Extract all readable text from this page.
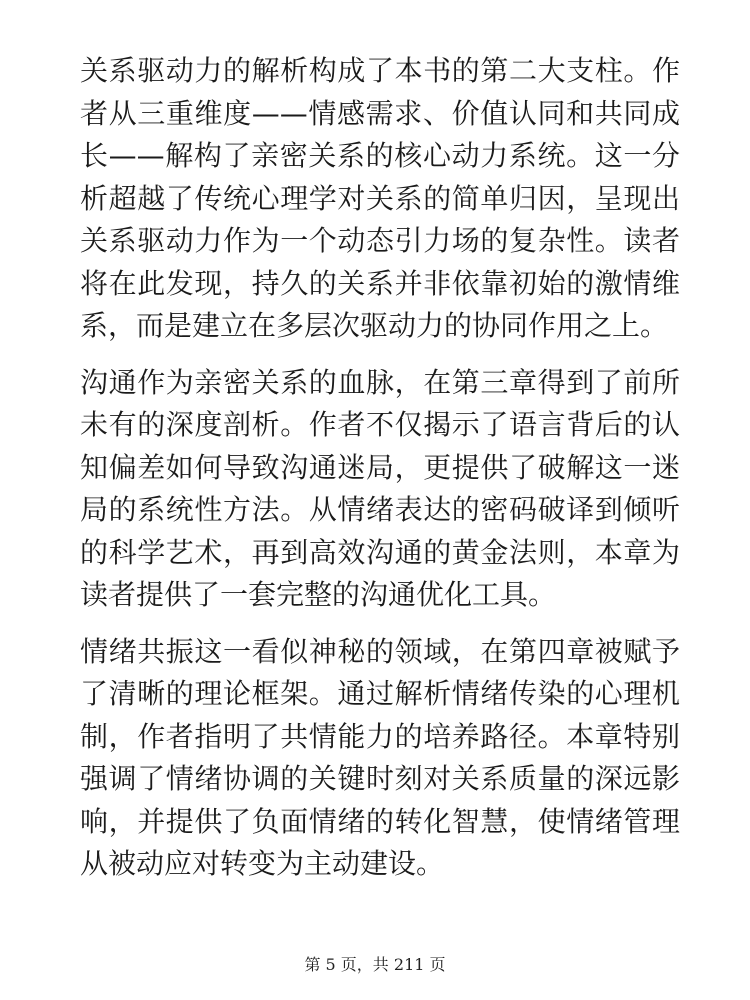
关系驱动力的解析构成了本书的第二大支柱。作者从三重维度——情感需求、价值认同和共同成长——解构了亲密关系的核心动力系统。这一分析超越了传统心理学对关系的简单归因，呈现出关系驱动力作为一个动态引力场的复杂性。读者将在此发现，持久的关系并非依靠初始的激情维系，而是建立在多层次驱动力的协同作用之上。

沟通作为亲密关系的血脉，在第三章得到了前所未有的深度剖析。作者不仅揭示了语言背后的认知偏差如何导致沟通迷局，更提供了破解这一迷局的系统性方法。从情绪表达的密码破译到倾听的科学艺术，再到高效沟通的黄金法则，本章为读者提供了一套完整的沟通优化工具。

情绪共振这一看似神秘的领域，在第四章被赋予了清晰的理论框架。通过解析情绪传染的心理机制，作者指明了共情能力的培养路径。本章特别强调了情绪协调的关键时刻对关系质量的深远影响，并提供了负面情绪的转化智慧，使情绪管理从被动应对转变为主动建设。

第 5 页，共 211 页
